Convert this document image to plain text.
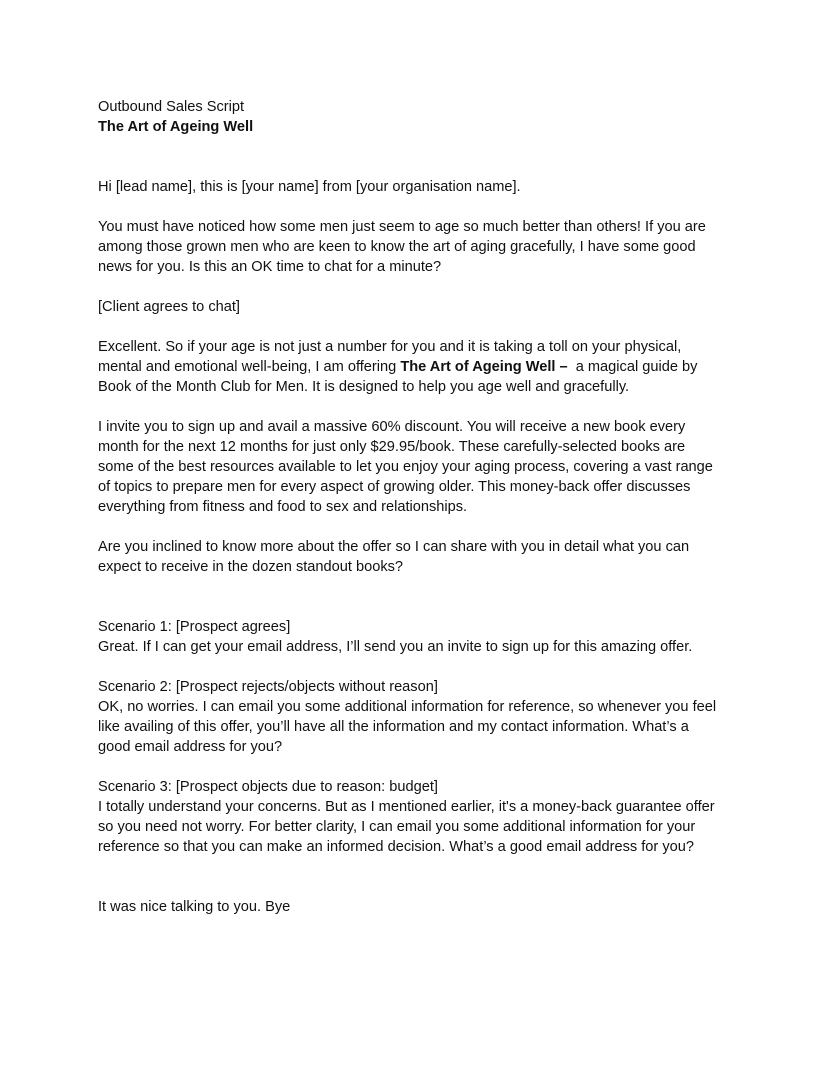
Outbound Sales Script

The Art of Ageing Well

Hi [lead name], this is [your name] from [your organisation name].

You must have noticed how some men just seem to age so much better than others! If you are
among those grown men who are keen to know the art of aging gracefully, I have some good
news for you. Is this an OK time to chat for a minute?

[Client agrees to chat]

Excellent. So if your age is not just a number for you and it is taking a toll on your physical,
mental and emotional well-being, I am offering The Art of Ageing Well –  a magical guide by
Book of the Month Club for Men. It is designed to help you age well and gracefully.
I invite you to sign up and avail a massive 60% discount. You will receive a new book every
month for the next 12 months for just only $29.95/book. These carefully-selected books are
some of the best resources available to let you enjoy your aging process, covering a vast range
of topics to prepare men for every aspect of growing older. This money-back offer discusses
everything from fitness and food to sex and relationships.
Are you inclined to know more about the offer so I can share with you in detail what you can
expect to receive in the dozen standout books?
Scenario 1: [Prospect agrees]
Great. If I can get your email address, I’ll send you an invite to sign up for this amazing offer.
Scenario 2: [Prospect rejects/objects without reason]
OK, no worries. I can email you some additional information for reference, so whenever you feel
like availing of this offer, you’ll have all the information and my contact information. What’s a
good email address for you?
Scenario 3: [Prospect objects due to reason: budget]
I totally understand your concerns. But as I mentioned earlier, it's a money-back guarantee offer
so you need not worry. For better clarity, I can email you some additional information for your
reference so that you can make an informed decision. What’s a good email address for you?

It was nice talking to you. Bye
